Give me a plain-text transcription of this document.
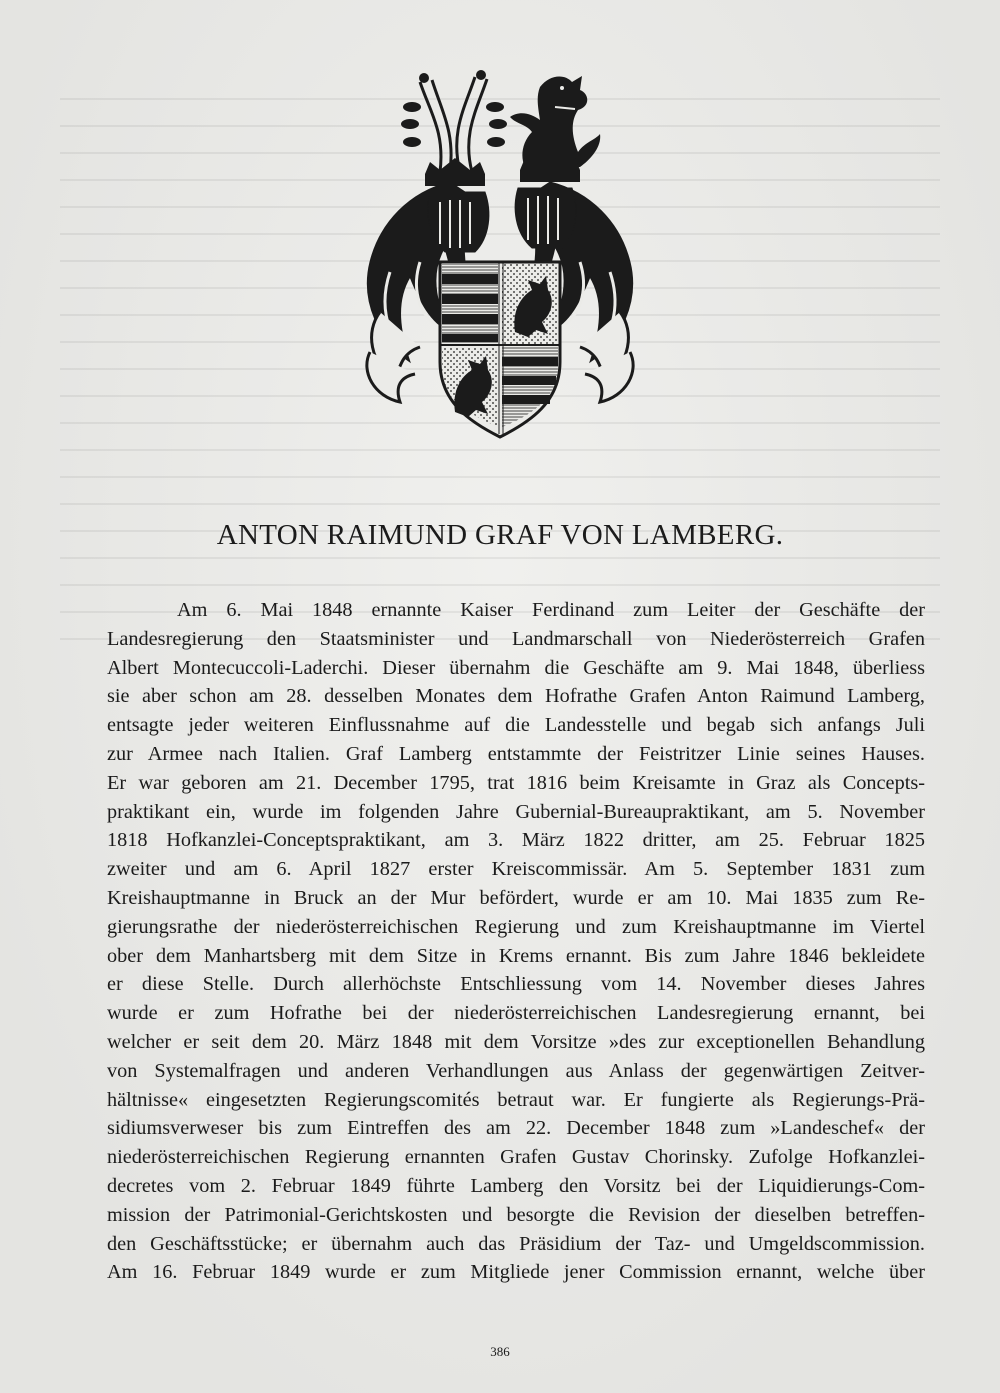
ANTON RAIMUND GRAF VON LAMBERG.
Am 6. Mai 1848 ernannte Kaiser Ferdinand zum Leiter der Geschäfte der
Landesregierung den Staatsminister und Landmarschall von Niederösterreich Grafen
Albert Montecuccoli-Laderchi. Dieser übernahm die Geschäfte am 9. Mai 1848, überliess
sie aber schon am 28. desselben Monates dem Hofrathe Grafen Anton Raimund Lamberg,
entsagte jeder weiteren Einflussnahme auf die Landesstelle und begab sich anfangs Juli
zur Armee nach Italien. Graf Lamberg entstammte der Feistritzer Linie seines Hauses.
Er war geboren am 21. December 1795, trat 1816 beim Kreisamte in Graz als Concepts-
praktikant ein, wurde im folgenden Jahre Gubernial-Bureaupraktikant, am 5. November
1818 Hofkanzlei-Conceptspraktikant, am 3. März 1822 dritter, am 25. Februar 1825
zweiter und am 6. April 1827 erster Kreiscommissär. Am 5. September 1831 zum
Kreishauptmanne in Bruck an der Mur befördert, wurde er am 10. Mai 1835 zum Re-
gierungsrathe der niederösterreichischen Regierung und zum Kreishauptmanne im Viertel
ober dem Manhartsberg mit dem Sitze in Krems ernannt. Bis zum Jahre 1846 bekleidete
er diese Stelle. Durch allerhöchste Entschliessung vom 14. November dieses Jahres
wurde er zum Hofrathe bei der niederösterreichischen Landesregierung ernannt, bei
welcher er seit dem 20. März 1848 mit dem Vorsitze »des zur exceptionellen Behandlung
von Systemalfragen und anderen Verhandlungen aus Anlass der gegenwärtigen Zeitver-
hältnisse« eingesetzten Regierungscomités betraut war. Er fungierte als Regierungs-Prä-
sidiumsverweser bis zum Eintreffen des am 22. December 1848 zum »Landeschef« der
niederösterreichischen Regierung ernannten Grafen Gustav Chorinsky. Zufolge Hofkanzlei-
decretes vom 2. Februar 1849 führte Lamberg den Vorsitz bei der Liquidierungs-Com-
mission der Patrimonial-Gerichtskosten und besorgte die Revision der dieselben betreffen-
den Geschäftsstücke; er übernahm auch das Präsidium der Taz- und Umgeldscommission.
Am 16. Februar 1849 wurde er zum Mitgliede jener Commission ernannt, welche über
386
